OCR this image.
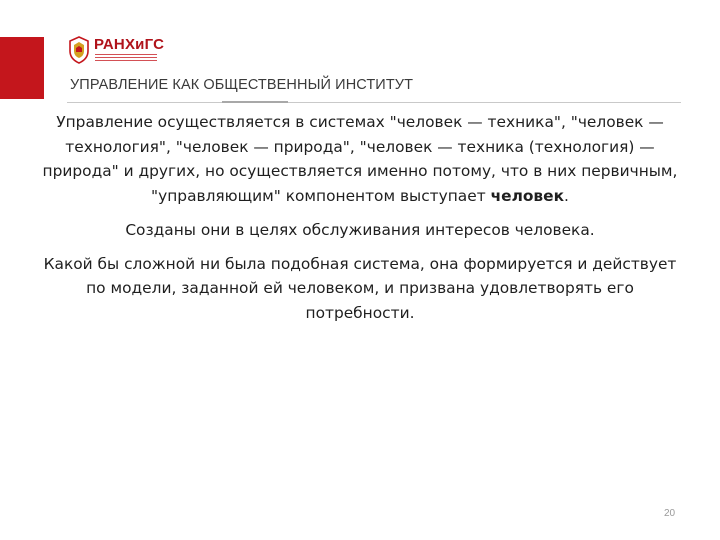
РАНХиГС
УПРАВЛЕНИЕ КАК ОБЩЕСТВЕННЫЙ ИНСТИТУТ

Управление осуществляется в системах "человек — техника", "человек — технология", "человек — природа", "человек — техника (технология) — природа" и других, но осуществляется именно потому, что в них первичным, "управляющим" компонентом выступает человек.

Созданы они в целях обслуживания интересов человека.

Какой бы сложной ни была подобная система, она формируется и действует по модели, заданной ей человеком, и призвана удовлетворять его потребности.

20
